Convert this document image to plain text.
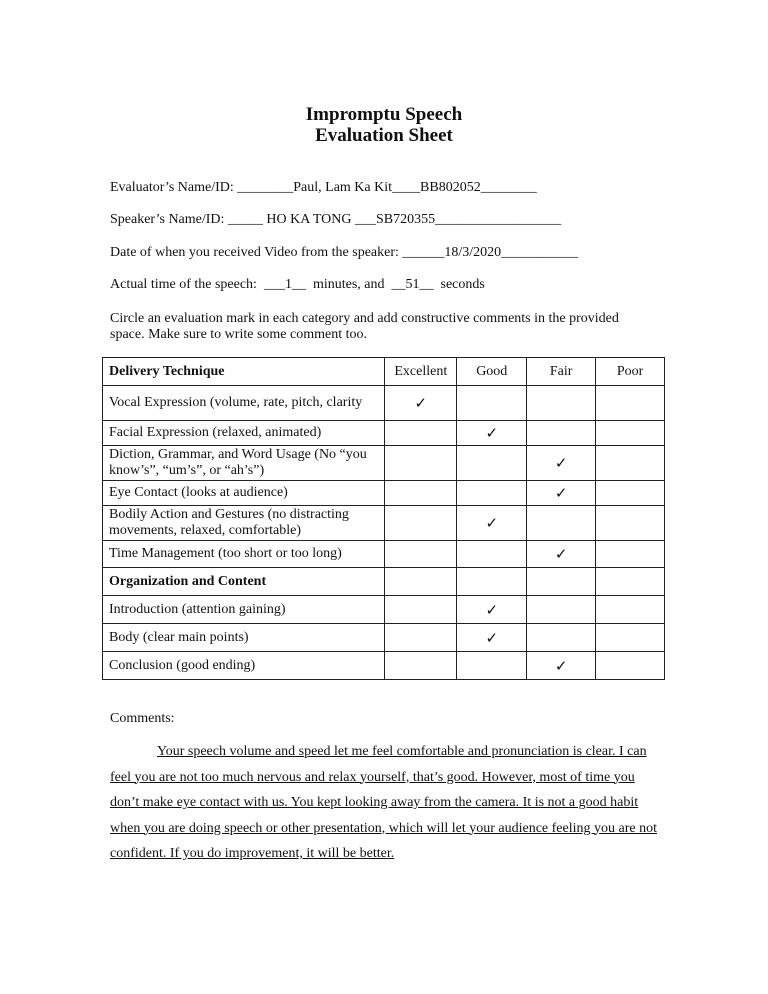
Impromptu Speech
Evaluation Sheet
Evaluator’s Name/ID: ________Paul, Lam Ka Kit____BB802052________
Speaker’s Name/ID: _____ HO KA TONG ___SB720355__________________
Date of when you received Video from the speaker: ______18/3/2020___________
Actual time of the speech:  ___1__  minutes, and  __51__  seconds
Circle an evaluation mark in each category and add constructive comments in the provided space. Make sure to write some comment too.
Delivery Technique	Excellent	Good	Fair	Poor
Vocal Expression (volume, rate, pitch, clarity	✓			
Facial Expression (relaxed, animated)		✓		
Diction, Grammar, and Word Usage (No “you know’s”, “um’s”, or “ah’s”)			✓	
Eye Contact (looks at audience)			✓	
Bodily Action and Gestures (no distracting movements, relaxed, comfortable)		✓		
Time Management (too short or too long)			✓	
Organization and Content				
Introduction (attention gaining)		✓		
Body (clear main points)		✓		
Conclusion (good ending)			✓	
Comments:
Your speech volume and speed let me feel comfortable and pronunciation is clear. I can feel you are not too much nervous and relax yourself, that’s good. However, most of time you don’t make eye contact with us. You kept looking away from the camera. It is not a good habit when you are doing speech or other presentation, which will let your audience feeling you are not confident. If you do improvement, it will be better.
